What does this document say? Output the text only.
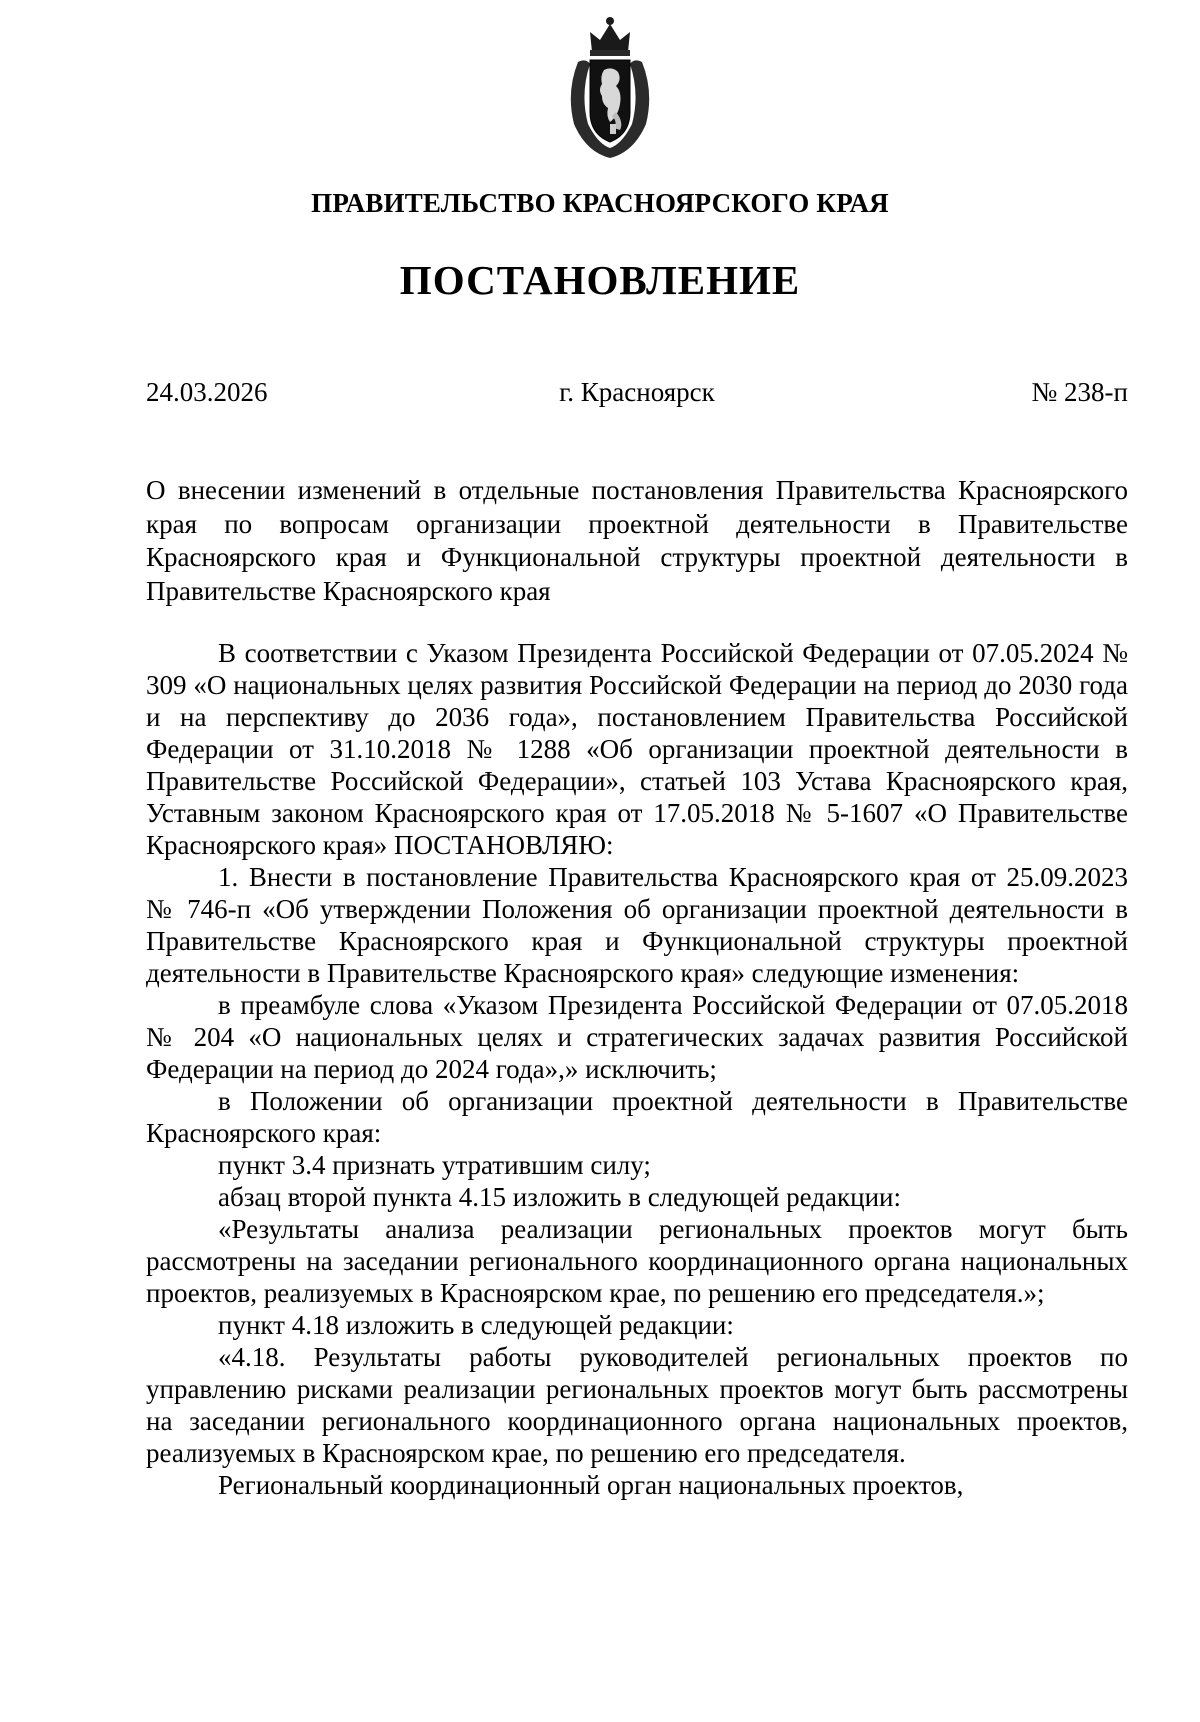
ПРАВИТЕЛЬСТВО КРАСНОЯРСКОГО КРАЯ
ПОСТАНОВЛЕНИЕ
24.03.2026	г. Красноярск	№ 238-п
О внесении изменений в отдельные постановления Правительства Красноярского края по вопросам организации проектной деятельности в Правительстве Красноярского края и Функциональной структуры проектной деятельности в Правительстве Красноярского края

В соответствии с Указом Президента Российской Федерации от 07.05.2024 № 309 «О национальных целях развития Российской Федерации на период до 2030 года и на перспективу до 2036 года», постановлением Правительства Российской Федерации от 31.10.2018 № 1288 «Об организации проектной деятельности в Правительстве Российской Федерации», статьей 103 Устава Красноярского края, Уставным законом Красноярского края от 17.05.2018 № 5-1607 «О Правительстве Красноярского края» ПОСТАНОВЛЯЮ:

1. Внести в постановление Правительства Красноярского края от 25.09.2023 № 746-п «Об утверждении Положения об организации проектной деятельности в Правительстве Красноярского края и Функциональной структуры проектной деятельности в Правительстве Красноярского края» следующие изменения:

в преамбуле слова «Указом Президента Российской Федерации от 07.05.2018 № 204 «О национальных целях и стратегических задачах развития Российской Федерации на период до 2024 года»,» исключить;

в Положении об организации проектной деятельности в Правительстве Красноярского края:

пункт 3.4 признать утратившим силу;

абзац второй пункта 4.15 изложить в следующей редакции:

«Результаты анализа реализации региональных проектов могут быть рассмотрены на заседании регионального координационного органа национальных проектов, реализуемых в Красноярском крае, по решению его председателя.»;

пункт 4.18 изложить в следующей редакции:

«4.18. Результаты работы руководителей региональных проектов по управлению рисками реализации региональных проектов могут быть рассмотрены на заседании регионального координационного органа национальных проектов, реализуемых в Красноярском крае, по решению его председателя.

Региональный координационный орган национальных проектов,
